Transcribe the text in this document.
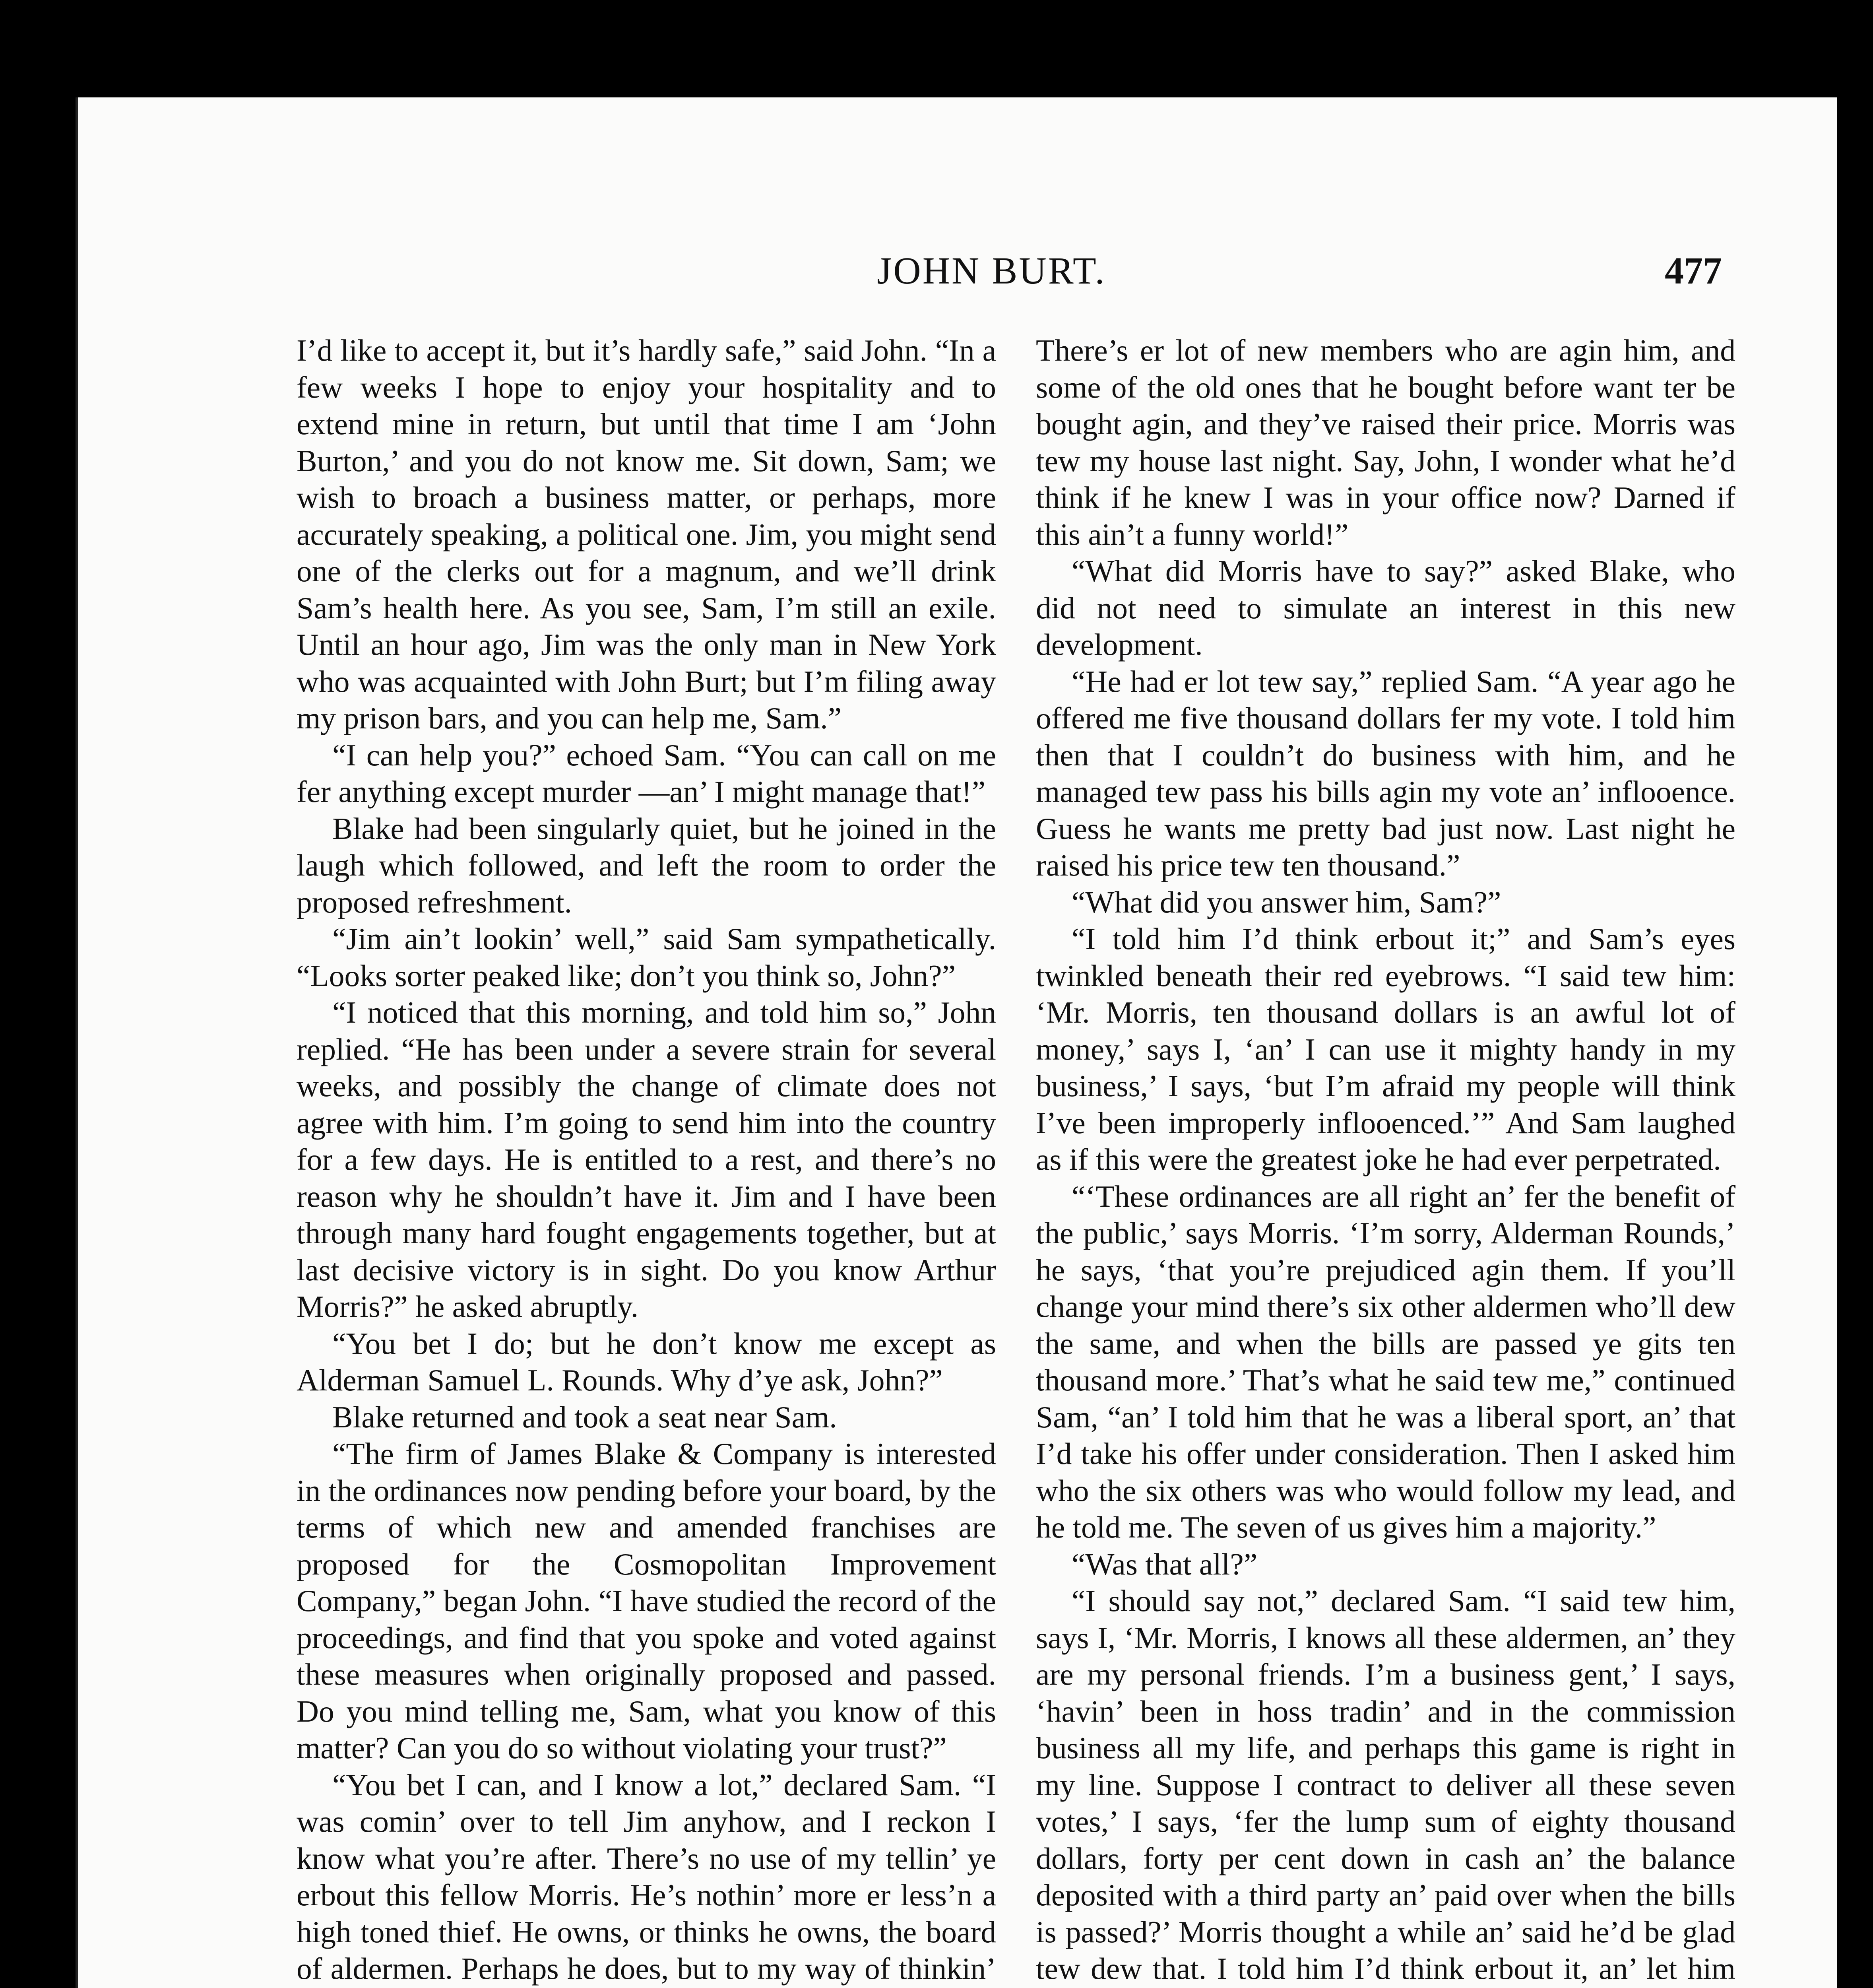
JOHN BURT.	477

I’d like to accept it, but it’s hardly safe,” said John. “In a few weeks I hope to enjoy your hospitality and to extend mine in return, but until that time I am ‘John Burton,’ and you do not know me. Sit down, Sam; we wish to broach a business matter, or perhaps, more accurately speaking, a political one. Jim, you might send one of the clerks out for a magnum, and we’ll drink Sam’s health here. As you see, Sam, I’m still an exile. Until an hour ago, Jim was the only man in New York who was acquainted with John Burt; but I’m filing away my prison bars, and you can help me, Sam.”

“I can help you?” echoed Sam. “You can call on me fer anything except murder —an’ I might manage that!”

Blake had been singularly quiet, but he joined in the laugh which followed, and left the room to order the proposed refreshment.

“Jim ain’t lookin’ well,” said Sam sympathetically. “Looks sorter peaked like; don’t you think so, John?”

“I noticed that this morning, and told him so,” John replied. “He has been under a severe strain for several weeks, and possibly the change of climate does not agree with him. I’m going to send him into the country for a few days. He is entitled to a rest, and there’s no reason why he shouldn’t have it. Jim and I have been through many hard fought engagements together, but at last decisive victory is in sight. Do you know Arthur Morris?” he asked abruptly.

“You bet I do; but he don’t know me except as Alderman Samuel L. Rounds. Why d’ye ask, John?”

Blake returned and took a seat near Sam.

“The firm of James Blake & Company is interested in the ordinances now pending before your board, by the terms of which new and amended franchises are proposed for the Cosmopolitan Improvement Company,” began John. “I have studied the record of the proceedings, and find that you spoke and voted against these measures when originally proposed and passed. Do you mind telling me, Sam, what you know of this matter? Can you do so without violating your trust?”

“You bet I can, and I know a lot,” declared Sam. “I was comin’ over to tell Jim anyhow, and I reckon I know what you’re after. There’s no use of my tellin’ ye erbout this fellow Morris. He’s nothin’ more er less’n a high toned thief. He owns, or thinks he owns, the board of aldermen. Perhaps he does, but to my way of thinkin’

There’s er lot of new members who are agin him, and some of the old ones that he bought before want ter be bought agin, and they’ve raised their price. Morris was tew my house last night. Say, John, I wonder what he’d think if he knew I was in your office now? Darned if this ain’t a funny world!”

“What did Morris have to say?” asked Blake, who did not need to simulate an interest in this new development.

“He had er lot tew say,” replied Sam. “A year ago he offered me five thousand dollars fer my vote. I told him then that I couldn’t do business with him, and he managed tew pass his bills agin my vote an’ inflooence. Guess he wants me pretty bad just now. Last night he raised his price tew ten thousand.”

“What did you answer him, Sam?”

“I told him I’d think erbout it;” and Sam’s eyes twinkled beneath their red eyebrows. “I said tew him: ‘Mr. Morris, ten thousand dollars is an awful lot of money,’ says I, ‘an’ I can use it mighty handy in my business,’ I says, ‘but I’m afraid my people will think I’ve been improperly inflooenced.’” And Sam laughed as if this were the greatest joke he had ever perpetrated.

“‘These ordinances are all right an’ fer the benefit of the public,’ says Morris. ‘I’m sorry, Alderman Rounds,’ he says, ‘that you’re prejudiced agin them. If you’ll change your mind there’s six other aldermen who’ll dew the same, and when the bills are passed ye gits ten thousand more.’ That’s what he said tew me,” continued Sam, “an’ I told him that he was a liberal sport, an’ that I’d take his offer under consideration. Then I asked him who the six others was who would follow my lead, and he told me. The seven of us gives him a majority.”

“Was that all?”

“I should say not,” declared Sam. “I said tew him, says I, ‘Mr. Morris, I knows all these aldermen, an’ they are my personal friends. I’m a business gent,’ I says, ‘havin’ been in hoss tradin’ and in the commission business all my life, and perhaps this game is right in my line. Suppose I contract to deliver all these seven votes,’ I says, ‘fer the lump sum of eighty thousand dollars, forty per cent down in cash an’ the balance deposited with a third party an’ paid over when the bills is passed?’ Morris thought a while an’ said he’d be glad tew dew that. I told him I’d think erbout it, an’ let him
